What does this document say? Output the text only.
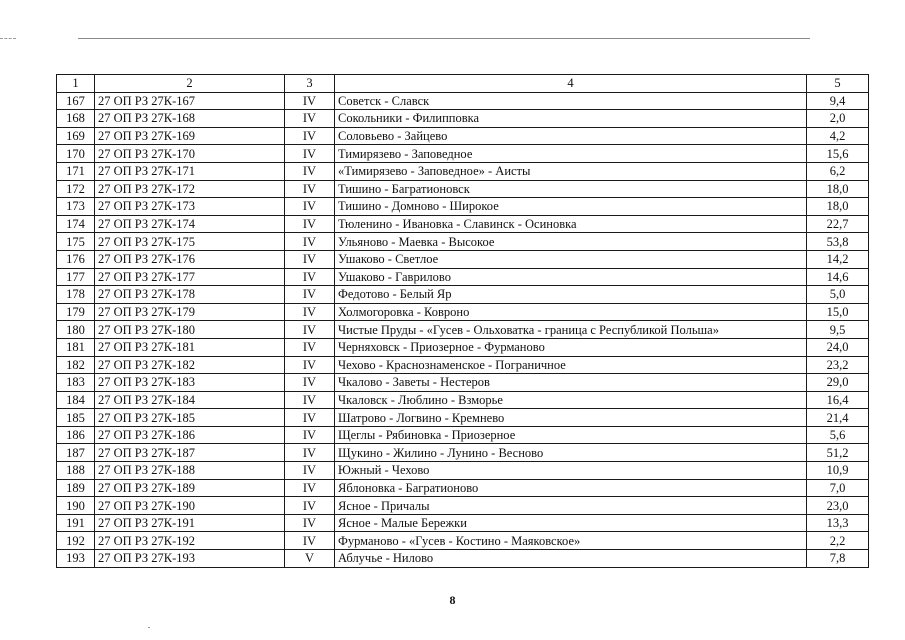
1	2	3	4	5
167	27 ОП РЗ 27К-167	IV	Советск - Славск	9,4
168	27 ОП РЗ 27К-168	IV	Сокольники - Филипповка	2,0
169	27 ОП РЗ 27К-169	IV	Соловьево - Зайцево	4,2
170	27 ОП РЗ 27К-170	IV	Тимирязево - Заповедное	15,6
171	27 ОП РЗ 27К-171	IV	«Тимирязево - Заповедное» - Аисты	6,2
172	27 ОП РЗ 27К-172	IV	Тишино - Багратионовск	18,0
173	27 ОП РЗ 27К-173	IV	Тишино - Домново - Широкое	18,0
174	27 ОП РЗ 27К-174	IV	Тюленино - Ивановка - Славинск - Осиновка	22,7
175	27 ОП РЗ 27К-175	IV	Ульяново - Маевка - Высокое	53,8
176	27 ОП РЗ 27К-176	IV	Ушаково - Светлое	14,2
177	27 ОП РЗ 27К-177	IV	Ушаково - Гаврилово	14,6
178	27 ОП РЗ 27К-178	IV	Федотово - Белый Яр	5,0
179	27 ОП РЗ 27К-179	IV	Холмогоровка - Ковроно	15,0
180	27 ОП РЗ 27К-180	IV	Чистые Пруды - «Гусев - Ольховатка - граница с Республикой Польша»	9,5
181	27 ОП РЗ 27К-181	IV	Черняховск - Приозерное - Фурманово	24,0
182	27 ОП РЗ 27К-182	IV	Чехово - Краснознаменское - Пограничное	23,2
183	27 ОП РЗ 27К-183	IV	Чкалово - Заветы - Нестеров	29,0
184	27 ОП РЗ 27К-184	IV	Чкаловск - Люблино - Взморье	16,4
185	27 ОП РЗ 27К-185	IV	Шатрово - Логвино - Кремнево	21,4
186	27 ОП РЗ 27К-186	IV	Щеглы - Рябиновка - Приозерное	5,6
187	27 ОП РЗ 27К-187	IV	Щукино - Жилино - Лунино - Весново	51,2
188	27 ОП РЗ 27К-188	IV	Южный - Чехово	10,9
189	27 ОП РЗ 27К-189	IV	Яблоновка - Багратионово	7,0
190	27 ОП РЗ 27К-190	IV	Ясное - Причалы	23,0
191	27 ОП РЗ 27К-191	IV	Ясное - Малые Бережки	13,3
192	27 ОП РЗ 27К-192	IV	Фурманово - «Гусев - Костино - Маяковское»	2,2
193	27 ОП РЗ 27К-193	V	Аблучье - Нилово	7,8
8
